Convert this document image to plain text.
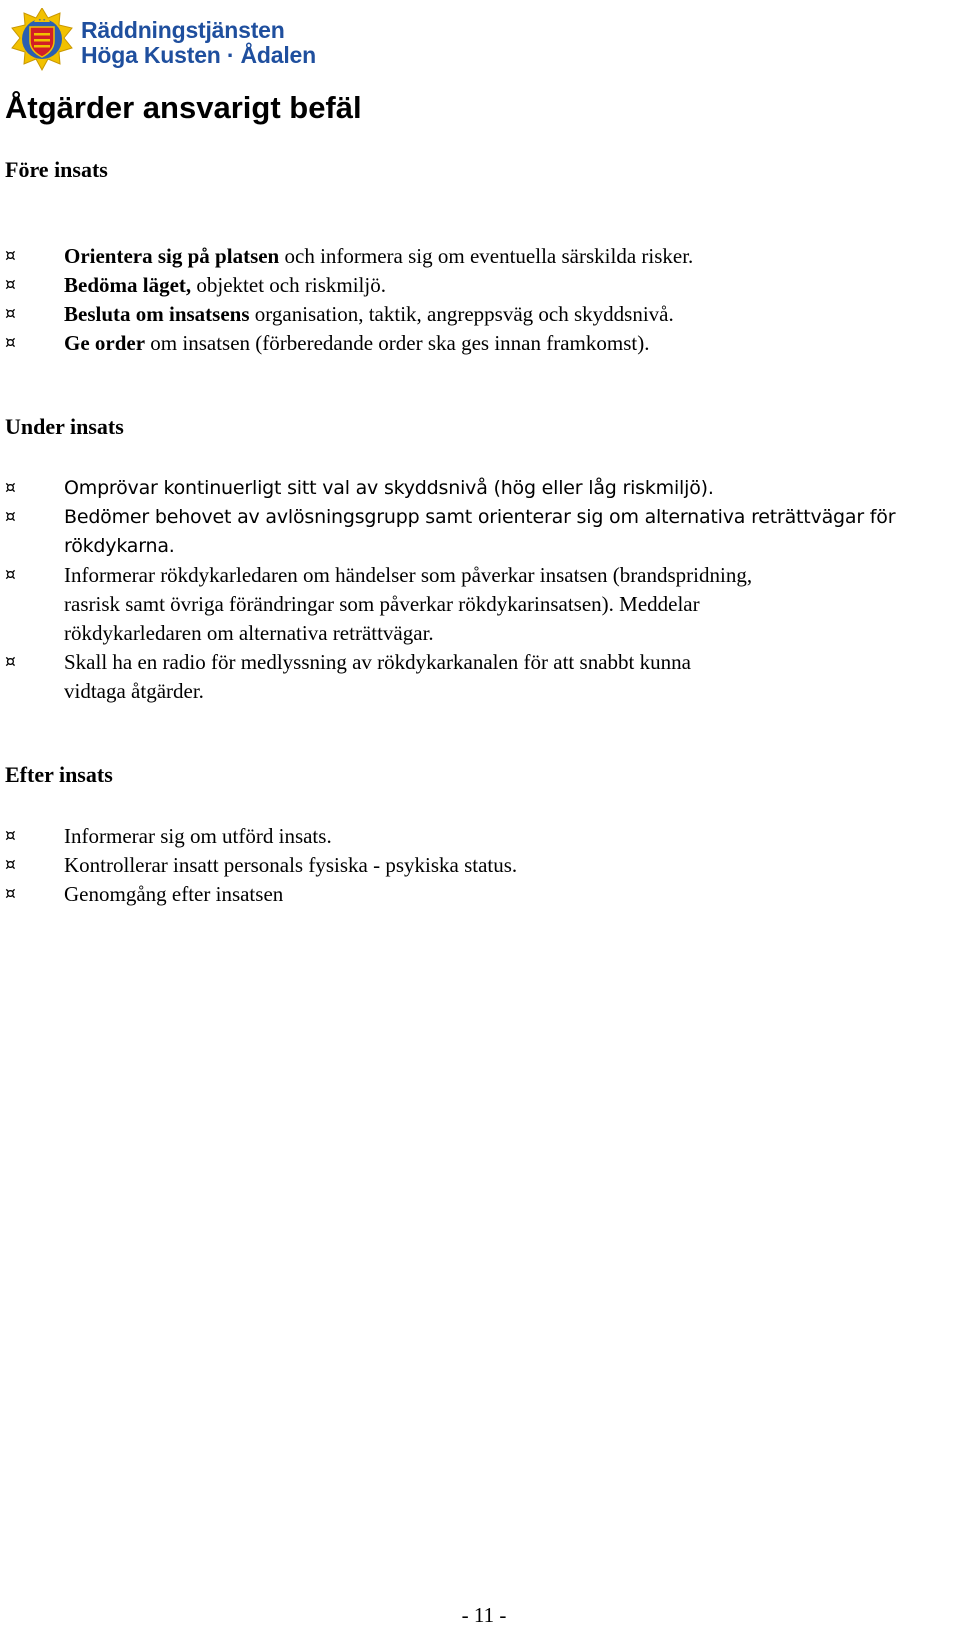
Räddningstjänsten
Höga Kusten · Ådalen
Åtgärder ansvarigt befäl
Före insats
¤ Orientera sig på platsen och informera sig om eventuella särskilda risker.
¤ Bedöma läget, objektet och riskmiljö.
¤ Besluta om insatsens organisation, taktik, angreppsväg och skyddsnivå.
¤ Ge order om insatsen (förberedande order ska ges innan framkomst).
Under insats
¤	Omprövar kontinuerligt sitt val av skyddsnivå (hög eller låg riskmiljö).
¤	Bedömer behovet av avlösningsgrupp samt orienterar sig om alternativa reträttvägar för rökdykarna.
¤ Informerar rökdykarledaren om händelser som påverkar insatsen (brandspridning, rasrisk samt övriga förändringar som påverkar rökdykarinsatsen). Meddelar rökdykarledaren om alternativa reträttvägar.
¤ Skall ha en radio för medlyssning av rökdykarkanalen för att snabbt kunna vidtaga åtgärder.
Efter insats
¤ Informerar sig om utförd insats.
¤ Kontrollerar insatt personals fysiska - psykiska status.
¤ Genomgång efter insatsen
- 11 -
